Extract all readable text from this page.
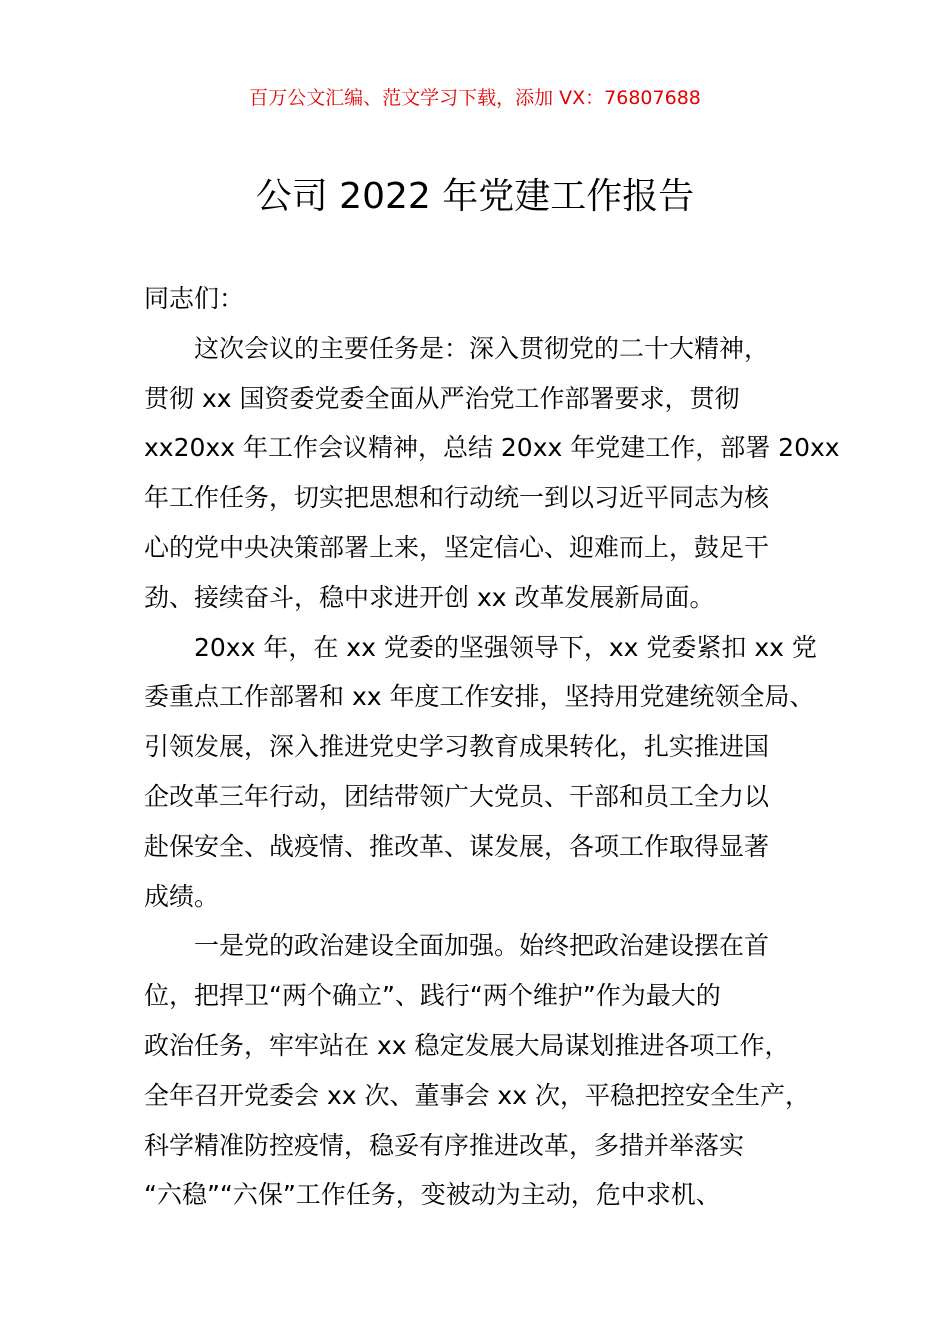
百万公文汇编、范文学习下载，添加 VX：76807688
公司 2022 年党建工作报告
同志们：
这次会议的主要任务是：深入贯彻党的二十大精神，
贯彻 xx 国资委党委全面从严治党工作部署要求，贯彻
xx20xx 年工作会议精神，总结 20xx 年党建工作，部署 20xx
年工作任务，切实把思想和行动统一到以习近平同志为核
心的党中央决策部署上来，坚定信心、迎难而上，鼓足干
劲、接续奋斗，稳中求进开创 xx 改革发展新局面。
20xx 年，在 xx 党委的坚强领导下，xx 党委紧扣 xx 党
委重点工作部署和 xx 年度工作安排，坚持用党建统领全局、
引领发展，深入推进党史学习教育成果转化，扎实推进国
企改革三年行动，团结带领广大党员、干部和员工全力以
赴保安全、战疫情、推改革、谋发展，各项工作取得显著
成绩。
一是党的政治建设全面加强。始终把政治建设摆在首
位，把捍卫“两个确立”、践行“两个维护”作为最大的
政治任务，牢牢站在 xx 稳定发展大局谋划推进各项工作，
全年召开党委会 xx 次、董事会 xx 次，平稳把控安全生产，
科学精准防控疫情，稳妥有序推进改革，多措并举落实
“六稳”“六保”工作任务，变被动为主动，危中求机、
